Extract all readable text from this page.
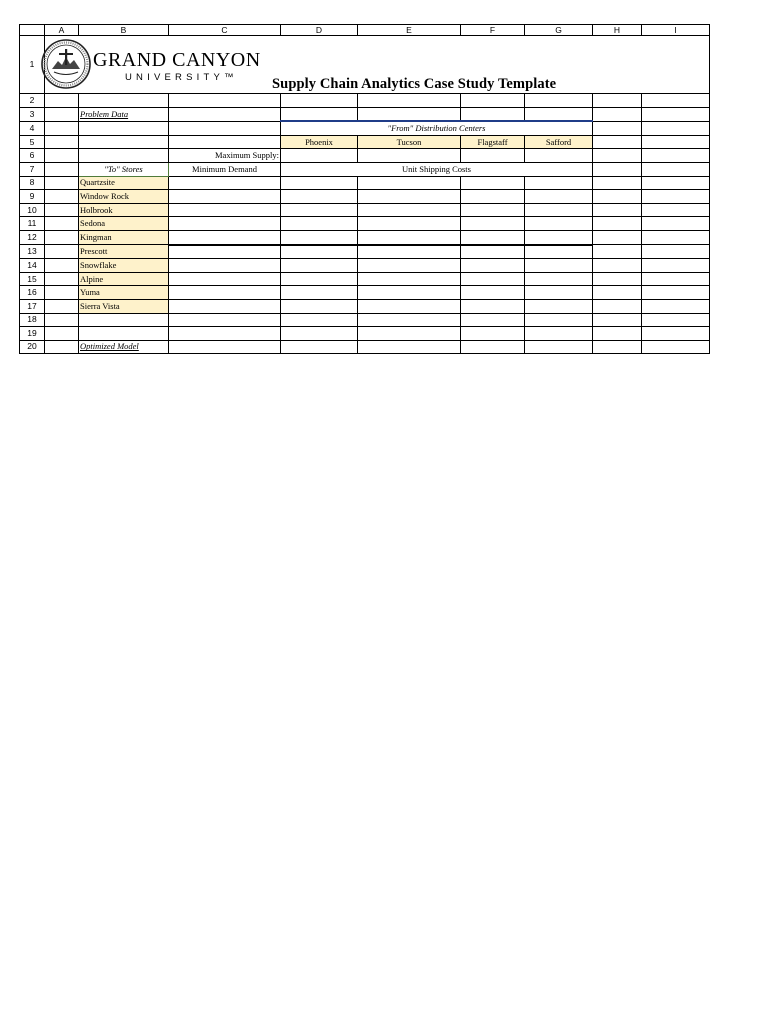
	A	B	C	D	E	F	G	H	I
1									
2									
3		Problem Data							
4				"From" Distribution Centers					
5				Phoenix	Tucson	Flagstaff	Safford		
6			Maximum Supply:						
7		"To" Stores	Minimum Demand	Unit Shipping Costs					
8		Quartzsite							
9		Window Rock							
10		Holbrook							
11		Sedona							
12		Kingman							
13		Prescott							
14		Snowflake							
15		Alpine							
16		Yuma							
17		Sierra Vista							
18									
19									
20		Optimized Model							
GRAND CANYON
UNIVERSITY™ Supply Chain Analytics Case Study Template
